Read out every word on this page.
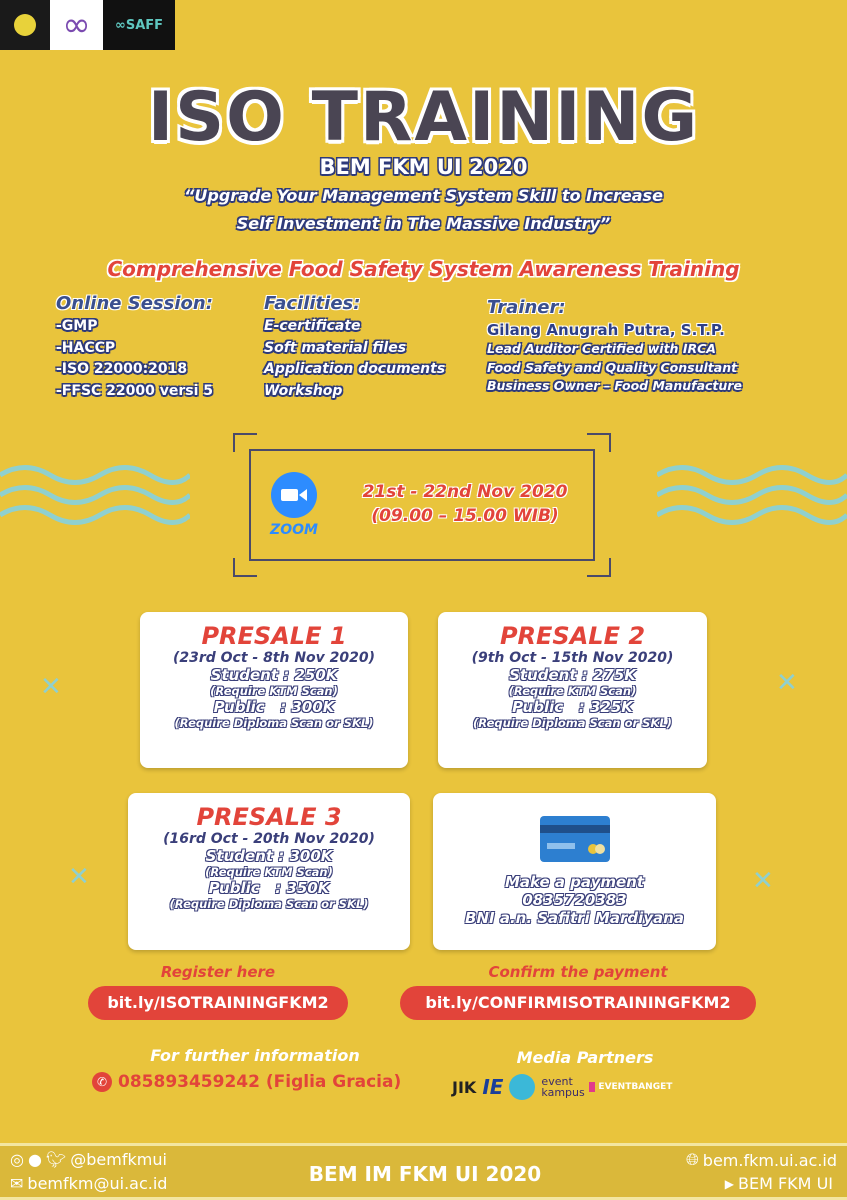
∞ ∞ SAFF
ISO TRAINING
BEM FKM UI 2020
“Upgrade Your Management System Skill to Increase
Self Investment in The Massive Industry”
Comprehensive Food Safety System Awareness Training
Online Session:
-GMP
-HACCP
-ISO 22000:2018
-FFSC 22000 versi 5
Facilities:
E-certificate
Soft material files
Application documents
Workshop
Trainer:
Gilang Anugrah Putra, S.T.P.
Lead Auditor Certified with IRCA
Food Safety and Quality Consultant
Business Owner – Food Manufacture
ZOOM
21st - 22nd Nov 2020
(09.00 – 15.00 WIB)
✕	✕
✕	✕
PRESALE 1
(23rd Oct - 8th Nov 2020)
Student : 250K
(Require KTM Scan)
Public   : 300K
(Require Diploma Scan or SKL)
PRESALE 2
(9th Oct - 15th Nov 2020)
Student : 275K
(Require KTM Scan)
Public   : 325K
(Require Diploma Scan or SKL)
PRESALE 3
(16rd Oct - 20th Nov 2020)
Student : 300K
(Require KTM Scan)
Public   : 350K
(Require Diploma Scan or SKL)
Make a payment
0835720383
BNI a.n. Safitri Mardiyana
Register here
bit.ly/ISOTRAININGFKM2
Confirm the payment
bit.ly/CONFIRMISOTRAININGFKM2
For further information
✆ 085893459242 (Figlia Gracia)
Media Partners
JIK IE	event kampus	EVENTBANGET
◎ ● 🐦︎ @bemfkmui
✉ bemfkm@ui.ac.id	BEM IM FKM UI 2020
🌐︎ bem.fkm.ui.ac.id
▶ BEM FKM UI
